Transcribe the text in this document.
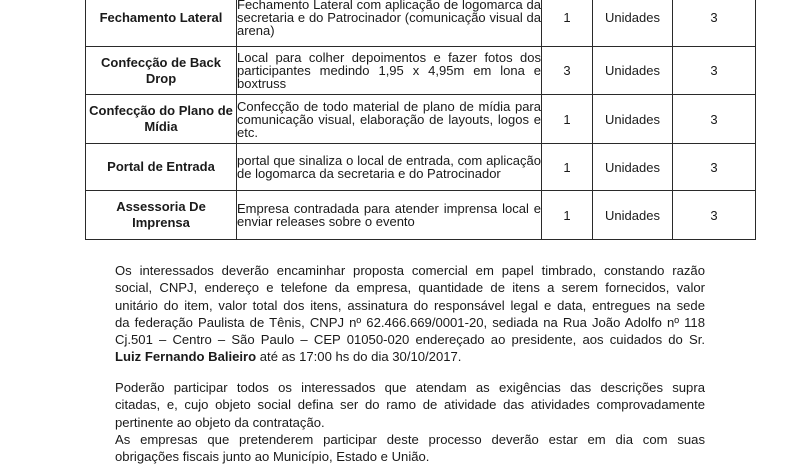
Fechamento Lateral	Fechamento Lateral com aplicação de logomarca da secretaria e do Patrocinador (comunicação visual da arena)	1	Unidades	3
Confecção de Back Drop	Local para colher depoimentos e fazer fotos dos participantes medindo 1,95 x 4,95m em lona e boxtruss	3	Unidades	3
Confecção do Plano de Mídia	Confecção de todo material de plano de mídia para comunicação visual, elaboração de layouts, logos e etc.	1	Unidades	3
Portal de Entrada	portal que sinaliza o local de entrada, com aplicação de logomarca da secretaria e do Patrocinador	1	Unidades	3
Assessoria De Imprensa	Empresa contradada para atender imprensa local e enviar releases sobre o evento	1	Unidades	3
Os interessados deverão encaminhar proposta comercial em papel timbrado, constando razão
social, CNPJ, endereço e telefone da empresa, quantidade de itens a serem fornecidos, valor
unitário do item, valor total dos itens, assinatura do responsável legal e data, entregues na sede
da federação Paulista de Tênis, CNPJ nº 62.466.669/0001-20, sediada na Rua João Adolfo nº 118
Cj.501 – Centro – São Paulo – CEP 01050-020 endereçado ao presidente, aos cuidados do Sr.
Luiz Fernando Balieiro até as 17:00 hs do dia 30/10/2017.
Poderão participar todos os interessados que atendam as exigências das descrições supra
citadas, e, cujo objeto social defina ser do ramo de atividade das atividades comprovadamente
pertinente ao objeto da contratação.
As empresas que pretenderem participar deste processo deverão estar em dia com suas
obrigações fiscais junto ao Município, Estado e União.
